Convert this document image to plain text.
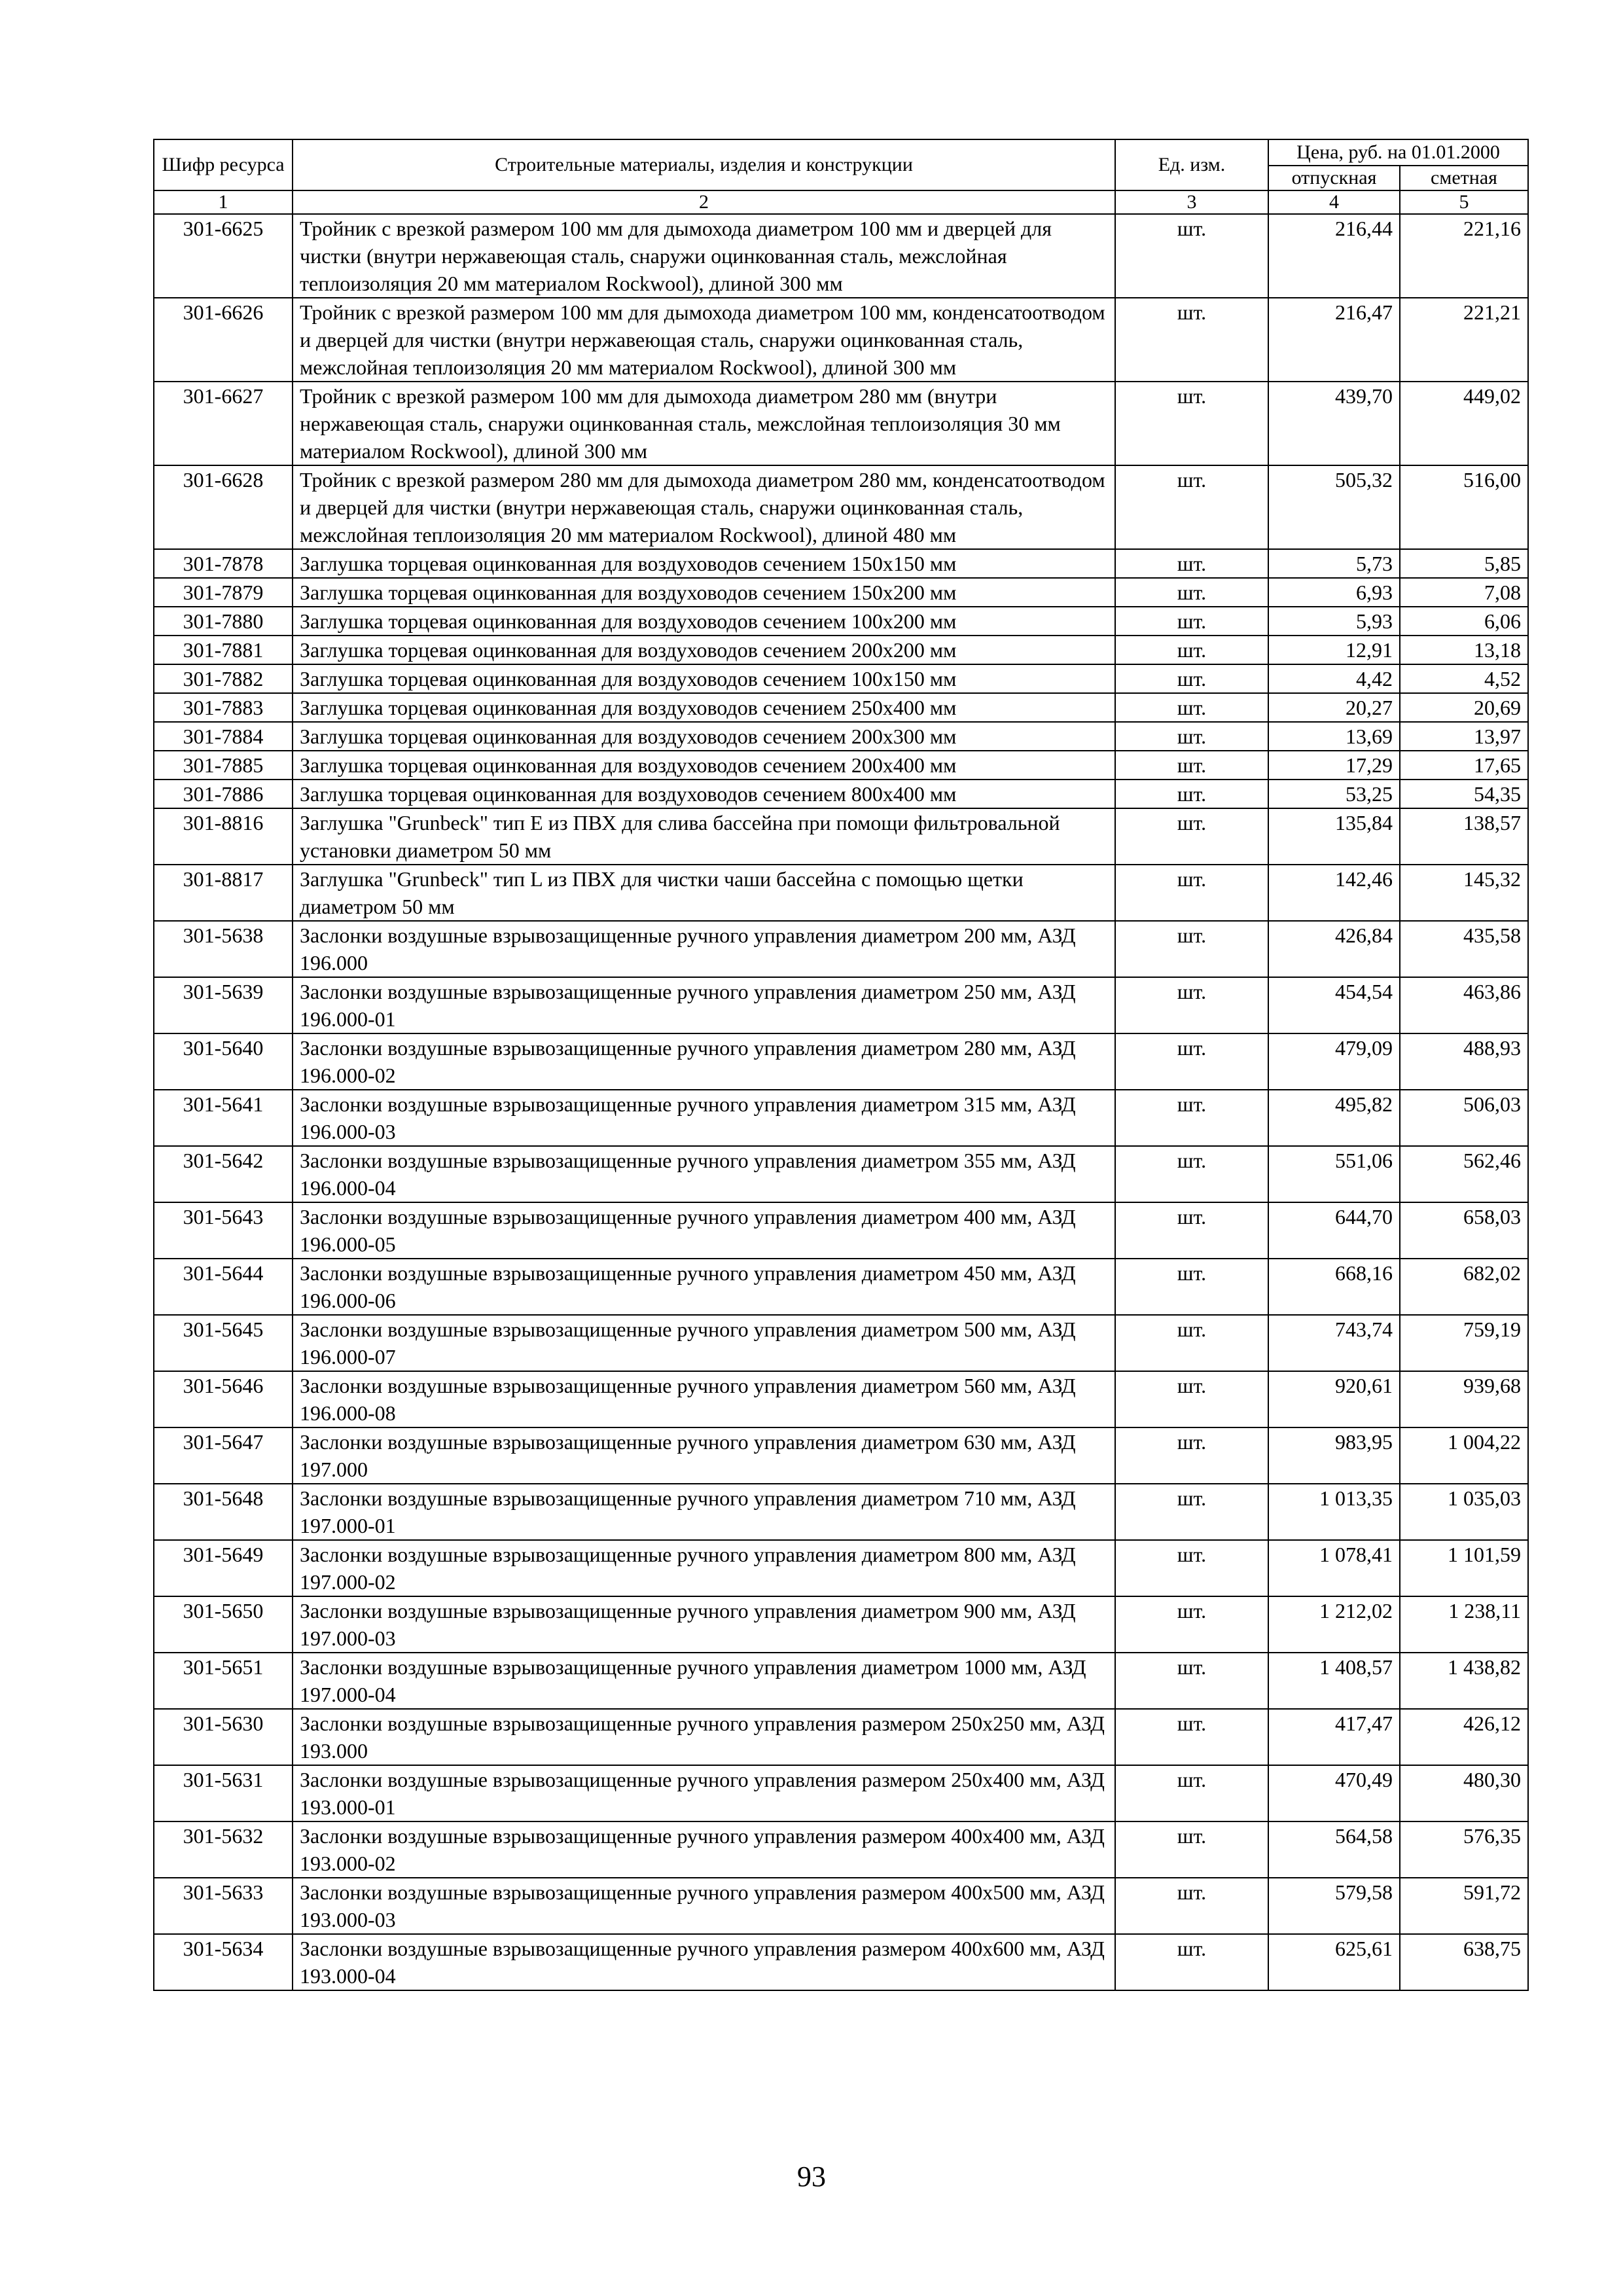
Шифр ресурса	Строительные материалы, изделия и конструкции	Ед. изм.	Цена, руб. на 01.01.2000	
			отпускная	сметная
1	2	3	4	5
301-6625	Тройник с врезкой размером 100 мм для дымохода диаметром 100 мм и дверцей для чистки (внутри нержавеющая сталь, снаружи оцинкованная сталь, межслойная теплоизоляция 20 мм материалом Rockwool), длиной 300 мм	шт.	216,44	221,16
301-6626	Тройник с врезкой размером 100 мм для дымохода диаметром 100 мм, конденсатоотводом и дверцей для чистки (внутри нержавеющая сталь, снаружи оцинкованная сталь, межслойная теплоизоляция 20 мм материалом Rockwool), длиной 300 мм	шт.	216,47	221,21
301-6627	Тройник с врезкой размером 100 мм для дымохода диаметром 280 мм (внутри нержавеющая сталь, снаружи оцинкованная сталь, межслойная теплоизоляция 30 мм материалом Rockwool), длиной 300 мм	шт.	439,70	449,02
301-6628	Тройник с врезкой размером 280 мм для дымохода диаметром 280 мм, конденсатоотводом и дверцей для чистки (внутри нержавеющая сталь, снаружи оцинкованная сталь, межслойная теплоизоляция 20 мм материалом Rockwool), длиной 480 мм	шт.	505,32	516,00
301-7878	Заглушка торцевая оцинкованная для воздуховодов сечением 150х150 мм	шт.	5,73	5,85
301-7879	Заглушка торцевая оцинкованная для воздуховодов сечением 150х200 мм	шт.	6,93	7,08
301-7880	Заглушка торцевая оцинкованная для воздуховодов сечением 100х200 мм	шт.	5,93	6,06
301-7881	Заглушка торцевая оцинкованная для воздуховодов сечением 200х200 мм	шт.	12,91	13,18
301-7882	Заглушка торцевая оцинкованная для воздуховодов сечением 100х150 мм	шт.	4,42	4,52
301-7883	Заглушка торцевая оцинкованная для воздуховодов сечением 250х400 мм	шт.	20,27	20,69
301-7884	Заглушка торцевая оцинкованная для воздуховодов сечением 200х300 мм	шт.	13,69	13,97
301-7885	Заглушка торцевая оцинкованная для воздуховодов сечением 200х400 мм	шт.	17,29	17,65
301-7886	Заглушка торцевая оцинкованная для воздуховодов сечением 800х400 мм	шт.	53,25	54,35
301-8816	Заглушка "Grunbeck" тип E из ПВХ для слива бассейна при помощи фильтровальной установки диаметром 50 мм	шт.	135,84	138,57
301-8817	Заглушка "Grunbeck" тип L из ПВХ для чистки чаши бассейна с помощью щетки диаметром 50 мм	шт.	142,46	145,32
301-5638	Заслонки воздушные взрывозащищенные ручного управления диаметром 200 мм, АЗД 196.000	шт.	426,84	435,58
301-5639	Заслонки воздушные взрывозащищенные ручного управления диаметром 250 мм, АЗД 196.000-01	шт.	454,54	463,86
301-5640	Заслонки воздушные взрывозащищенные ручного управления диаметром 280 мм, АЗД 196.000-02	шт.	479,09	488,93
301-5641	Заслонки воздушные взрывозащищенные ручного управления диаметром 315 мм, АЗД 196.000-03	шт.	495,82	506,03
301-5642	Заслонки воздушные взрывозащищенные ручного управления диаметром 355 мм, АЗД 196.000-04	шт.	551,06	562,46
301-5643	Заслонки воздушные взрывозащищенные ручного управления диаметром 400 мм, АЗД 196.000-05	шт.	644,70	658,03
301-5644	Заслонки воздушные взрывозащищенные ручного управления диаметром 450 мм, АЗД 196.000-06	шт.	668,16	682,02
301-5645	Заслонки воздушные взрывозащищенные ручного управления диаметром 500 мм, АЗД 196.000-07	шт.	743,74	759,19
301-5646	Заслонки воздушные взрывозащищенные ручного управления диаметром 560 мм, АЗД 196.000-08	шт.	920,61	939,68
301-5647	Заслонки воздушные взрывозащищенные ручного управления диаметром 630 мм, АЗД 197.000	шт.	983,95	1 004,22
301-5648	Заслонки воздушные взрывозащищенные ручного управления диаметром 710 мм, АЗД 197.000-01	шт.	1 013,35	1 035,03
301-5649	Заслонки воздушные взрывозащищенные ручного управления диаметром 800 мм, АЗД 197.000-02	шт.	1 078,41	1 101,59
301-5650	Заслонки воздушные взрывозащищенные ручного управления диаметром 900 мм, АЗД 197.000-03	шт.	1 212,02	1 238,11
301-5651	Заслонки воздушные взрывозащищенные ручного управления диаметром 1000 мм, АЗД 197.000-04	шт.	1 408,57	1 438,82
301-5630	Заслонки воздушные взрывозащищенные ручного управления размером 250х250 мм, АЗД 193.000	шт.	417,47	426,12
301-5631	Заслонки воздушные взрывозащищенные ручного управления размером 250х400 мм, АЗД 193.000-01	шт.	470,49	480,30
301-5632	Заслонки воздушные взрывозащищенные ручного управления размером 400х400 мм, АЗД 193.000-02	шт.	564,58	576,35
301-5633	Заслонки воздушные взрывозащищенные ручного управления размером 400х500 мм, АЗД 193.000-03	шт.	579,58	591,72
301-5634	Заслонки воздушные взрывозащищенные ручного управления размером 400х600 мм, АЗД 193.000-04	шт.	625,61	638,75
93
